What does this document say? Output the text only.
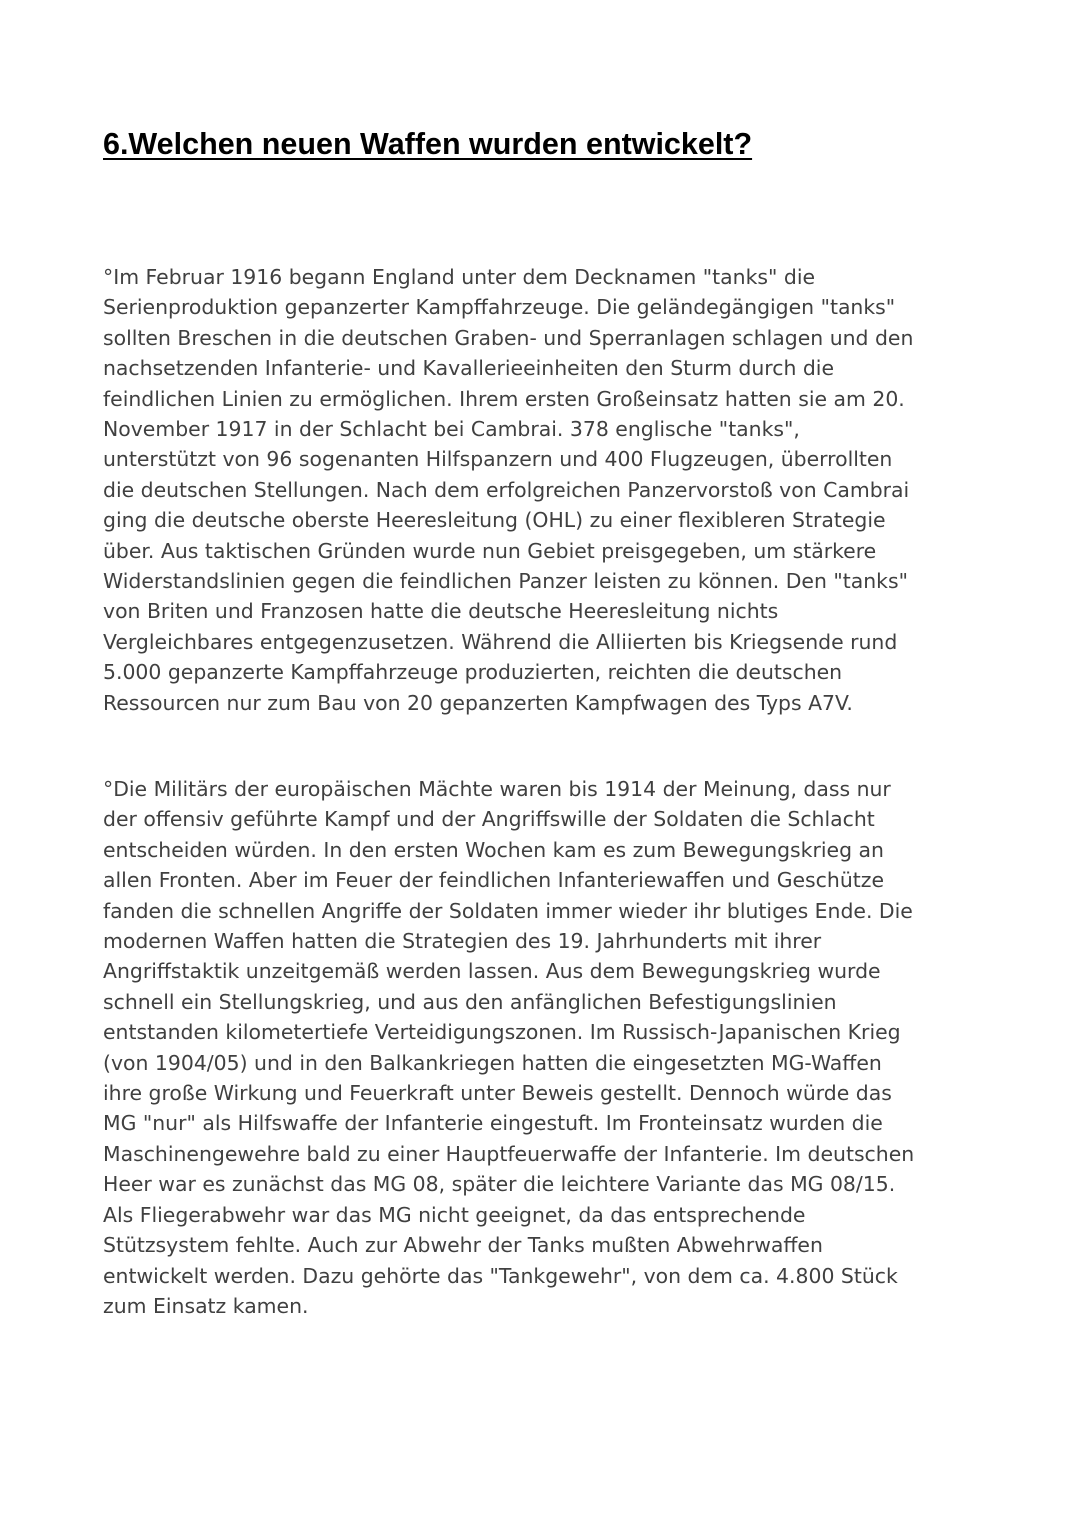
6.Welchen neuen Waffen wurden entwickelt?
°Im Februar 1916 begann England unter dem Decknamen "tanks" die
Serienproduktion gepanzerter Kampffahrzeuge. Die geländegängigen "tanks"
sollten Breschen in die deutschen Graben- und Sperranlagen schlagen und den
nachsetzenden Infanterie- und Kavallerieeinheiten den Sturm durch die
feindlichen Linien zu ermöglichen. Ihrem ersten Großeinsatz hatten sie am 20.
November 1917 in der Schlacht bei Cambrai. 378 englische "tanks",
unterstützt von 96 sogenanten Hilfspanzern und 400 Flugzeugen, überrollten
die deutschen Stellungen. Nach dem erfolgreichen Panzervorstoß von Cambrai
ging die deutsche oberste Heeresleitung (OHL) zu einer flexibleren Strategie
über. Aus taktischen Gründen wurde nun Gebiet preisgegeben, um stärkere
Widerstandslinien gegen die feindlichen Panzer leisten zu können. Den "tanks"
von Briten und Franzosen hatte die deutsche Heeresleitung nichts
Vergleichbares entgegenzusetzen. Während die Alliierten bis Kriegsende rund
5.000 gepanzerte Kampffahrzeuge produzierten, reichten die deutschen
Ressourcen nur zum Bau von 20 gepanzerten Kampfwagen des Typs A7V.
°Die Militärs der europäischen Mächte waren bis 1914 der Meinung, dass nur
der offensiv geführte Kampf und der Angriffswille der Soldaten die Schlacht
entscheiden würden. In den ersten Wochen kam es zum Bewegungskrieg an
allen Fronten. Aber im Feuer der feindlichen Infanteriewaffen und Geschütze
fanden die schnellen Angriffe der Soldaten immer wieder ihr blutiges Ende. Die
modernen Waffen hatten die Strategien des 19. Jahrhunderts mit ihrer
Angriffstaktik unzeitgemäß werden lassen. Aus dem Bewegungskrieg wurde
schnell ein Stellungskrieg, und aus den anfänglichen Befestigungslinien
entstanden kilometertiefe Verteidigungszonen. Im Russisch-Japanischen Krieg
(von 1904/05) und in den Balkankriegen hatten die eingesetzten MG-Waffen
ihre große Wirkung und Feuerkraft unter Beweis gestellt. Dennoch würde das
MG "nur" als Hilfswaffe der Infanterie eingestuft. Im Fronteinsatz wurden die
Maschinengewehre bald zu einer Hauptfeuerwaffe der Infanterie. Im deutschen
Heer war es zunächst das MG 08, später die leichtere Variante das MG 08/15.
Als Fliegerabwehr war das MG nicht geeignet, da das entsprechende
Stützsystem fehlte. Auch zur Abwehr der Tanks mußten Abwehrwaffen
entwickelt werden. Dazu gehörte das "Tankgewehr", von dem ca. 4.800 Stück
zum Einsatz kamen.
